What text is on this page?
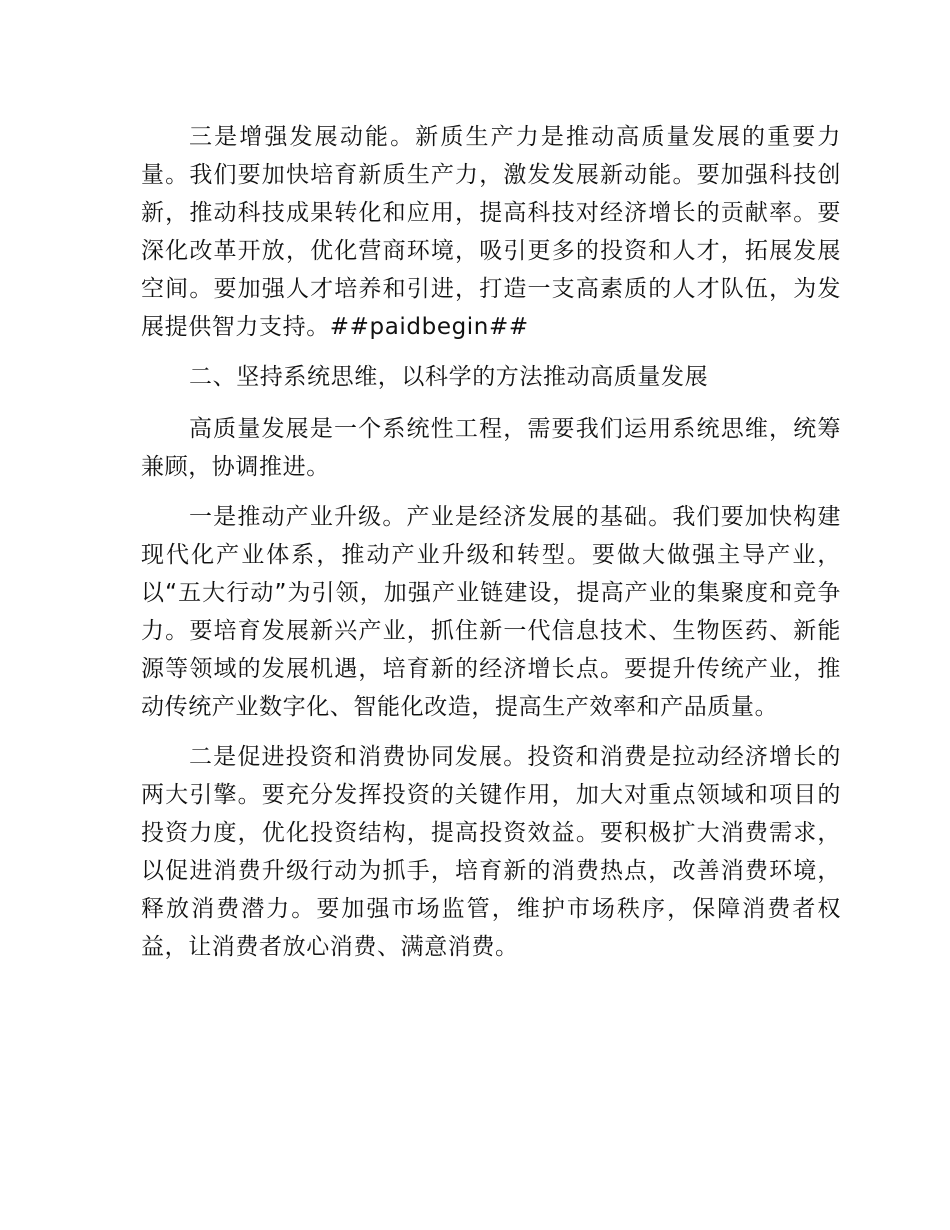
三是增强发展动能。新质生产力是推动高质量发展的重要力量。我们要加快培育新质生产力，激发发展新动能。要加强科技创新，推动科技成果转化和应用，提高科技对经济增长的贡献率。要深化改革开放，优化营商环境，吸引更多的投资和人才，拓展发展空间。要加强人才培养和引进，打造一支高素质的人才队伍，为发展提供智力支持。##paidbegin##

二、坚持系统思维，以科学的方法推动高质量发展

高质量发展是一个系统性工程，需要我们运用系统思维，统筹兼顾，协调推进。

一是推动产业升级。产业是经济发展的基础。我们要加快构建现代化产业体系，推动产业升级和转型。要做大做强主导产业，以“五大行动”为引领，加强产业链建设，提高产业的集聚度和竞争力。要培育发展新兴产业，抓住新一代信息技术、生物医药、新能源等领域的发展机遇，培育新的经济增长点。要提升传统产业，推动传统产业数字化、智能化改造，提高生产效率和产品质量。

二是促进投资和消费协同发展。投资和消费是拉动经济增长的两大引擎。要充分发挥投资的关键作用，加大对重点领域和项目的投资力度，优化投资结构，提高投资效益。要积极扩大消费需求，以促进消费升级行动为抓手，培育新的消费热点，改善消费环境，释放消费潜力。要加强市场监管，维护市场秩序，保障消费者权益，让消费者放心消费、满意消费。
